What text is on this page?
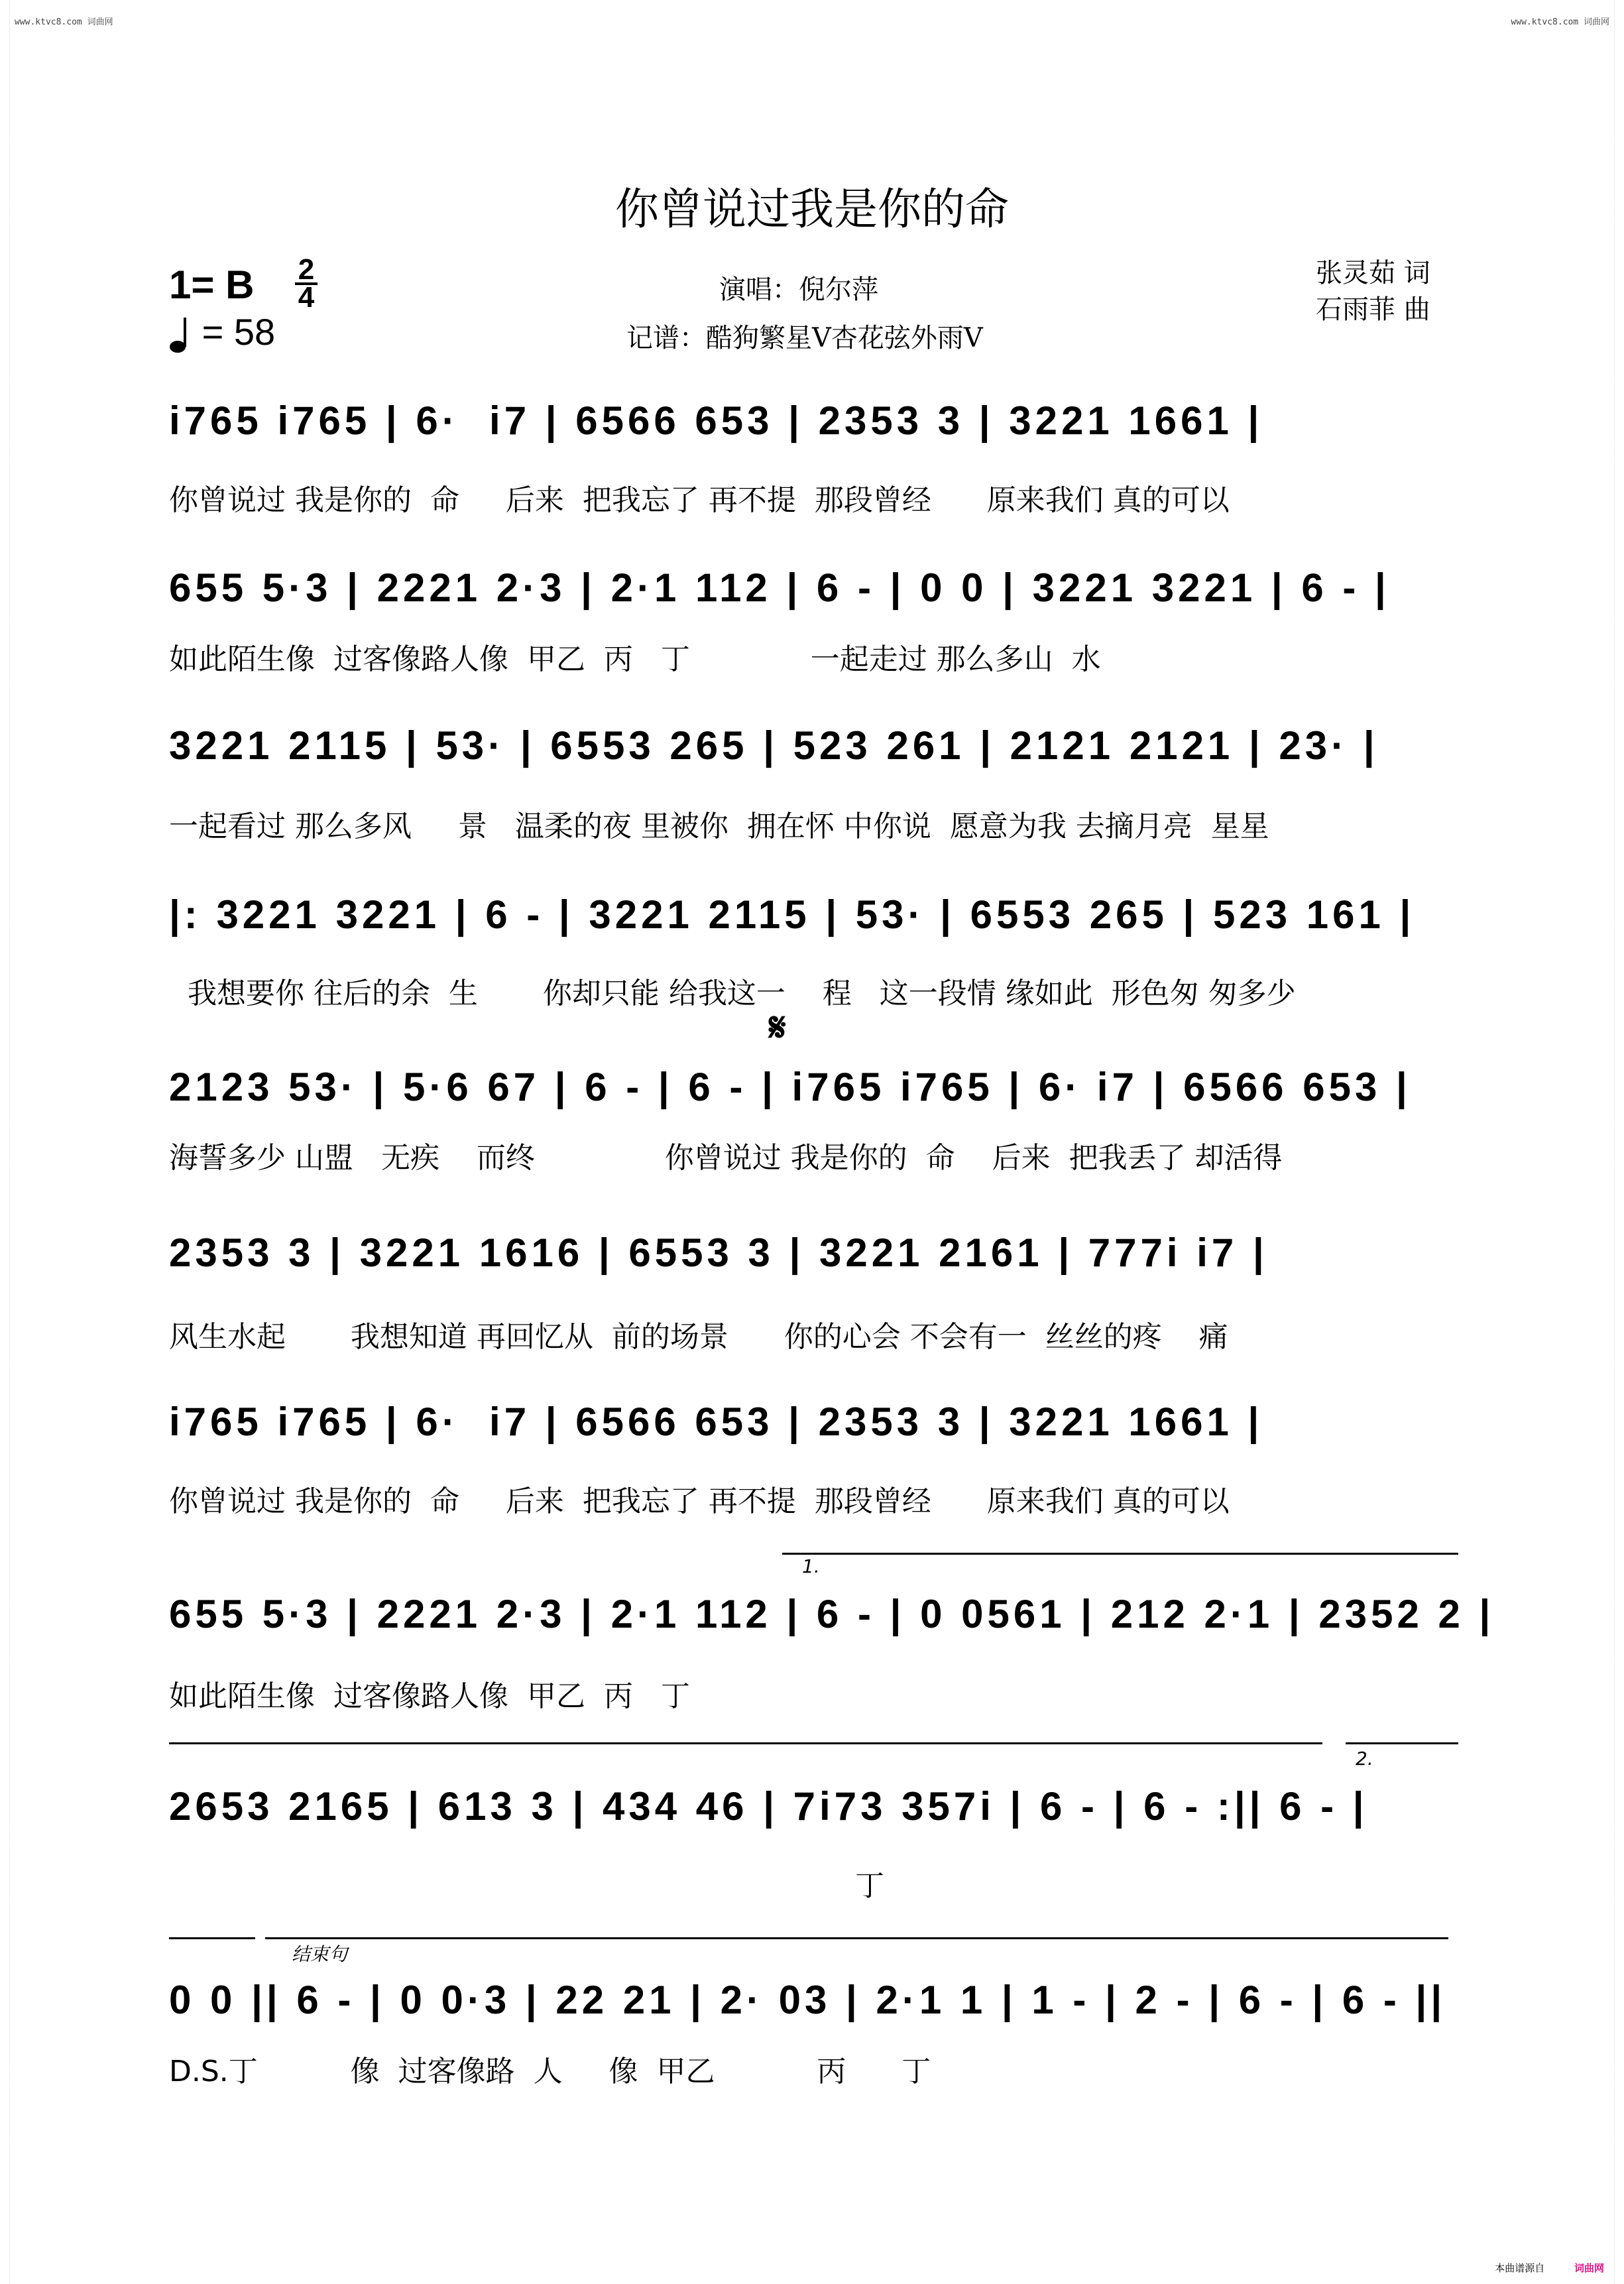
www.ktvc8.com 词曲网	www.ktvc8.com 词曲网
你曾说过我是你的命
1= B 2
4
= 58
演唱：倪尔萍
记谱：酷狗繁星V杏花弦外雨V
张灵茹 词
石雨菲 曲
i765 i765 | 6·  i7 | 6566 653 | 2353 3 | 3221 1661 |
你曾说过 我是你的  命     后来  把我忘了 再不提  那段曾经      原来我们 真的可以
655 5·3 | 2221 2·3 | 2·1 112 | 6 - | 0 0 | 3221 3221 | 6 - |
如此陌生像  过客像路人像  甲乙  丙   丁             一起走过 那么多山  水
3221 2115 | 53· | 6553 265 | 523 261 | 2121 2121 | 23· |
一起看过 那么多风     景   温柔的夜 里被你  拥在怀 中你说  愿意为我 去摘月亮  星星
|: 3221 3221 | 6 - | 3221 2115 | 53· | 6553 265 | 523 161 |
我想要你 往后的余  生       你却只能 给我这一    程   这一段情 缘如此  形色匆 匆多少
𝄋
2123 53· | 5·6 67 | 6 - | 6 - | i765 i765 | 6· i7 | 6566 653 |
海誓多少 山盟   无疾    而终              你曾说过 我是你的  命    后来  把我丢了 却活得
2353 3 | 3221 1616 | 6553 3 | 3221 2161 | 777i i7 |
风生水起       我想知道 再回忆从  前的场景      你的心会 不会有一  丝丝的疼    痛
i765 i765 | 6·  i7 | 6566 653 | 2353 3 | 3221 1661 |
你曾说过 我是你的  命     后来  把我忘了 再不提  那段曾经      原来我们 真的可以
1.
655 5·3 | 2221 2·3 | 2·1 112 | 6 - | 0 0561 | 212 2·1 | 2352 2 |
如此陌生像  过客像路人像  甲乙  丙   丁
2.
2653 2165 | 613 3 | 434 46 | 7i73 357i | 6 - | 6 - :|| 6 - |
丁
结束句
0 0 || 6 - | 0 0·3 | 22 21 | 2· 03 | 2·1 1 | 1 - | 2 - | 6 - | 6 - ||
D.S.丁          像  过客像路  人     像  甲乙           丙      丁
本曲谱源自	词曲网
